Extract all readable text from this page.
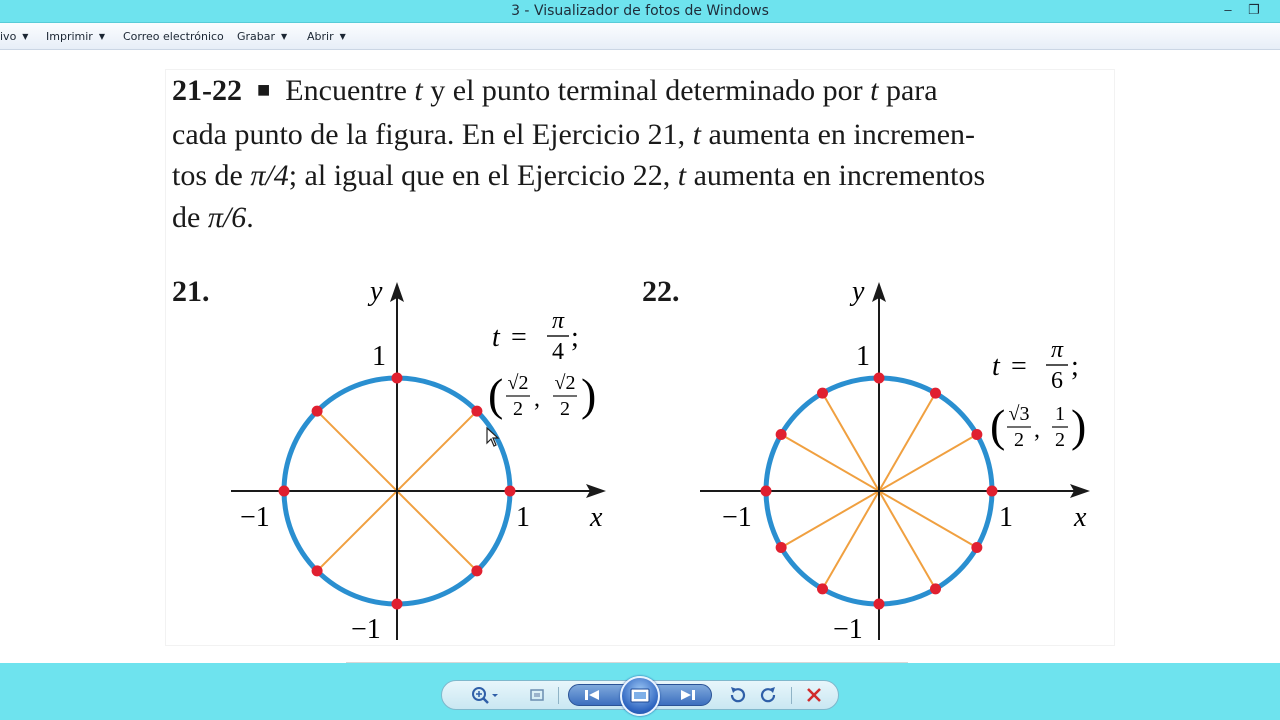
3 - Visualizador de fotos de Windows	–	❐
ivo ▼ Imprimir ▼ Correo electrónico Grabar ▼ Abrir ▼
21-22 ■ Encuentre t y el punto terminal determinado por t para
cada punto de la figura. En el Ejercicio 21, t aumenta en incremen-
tos de π/4; al igual que en el Ejercicio 22, t aumenta en incrementos
de π/6.
21.	22.
y
x
1
−1
1
−1
t =
π
4 ;
( √2
2 ,
√2
2 )
y
x
1
−1
1
−1
t =
π
6 ;
( √3
2 ,
1
2 )
